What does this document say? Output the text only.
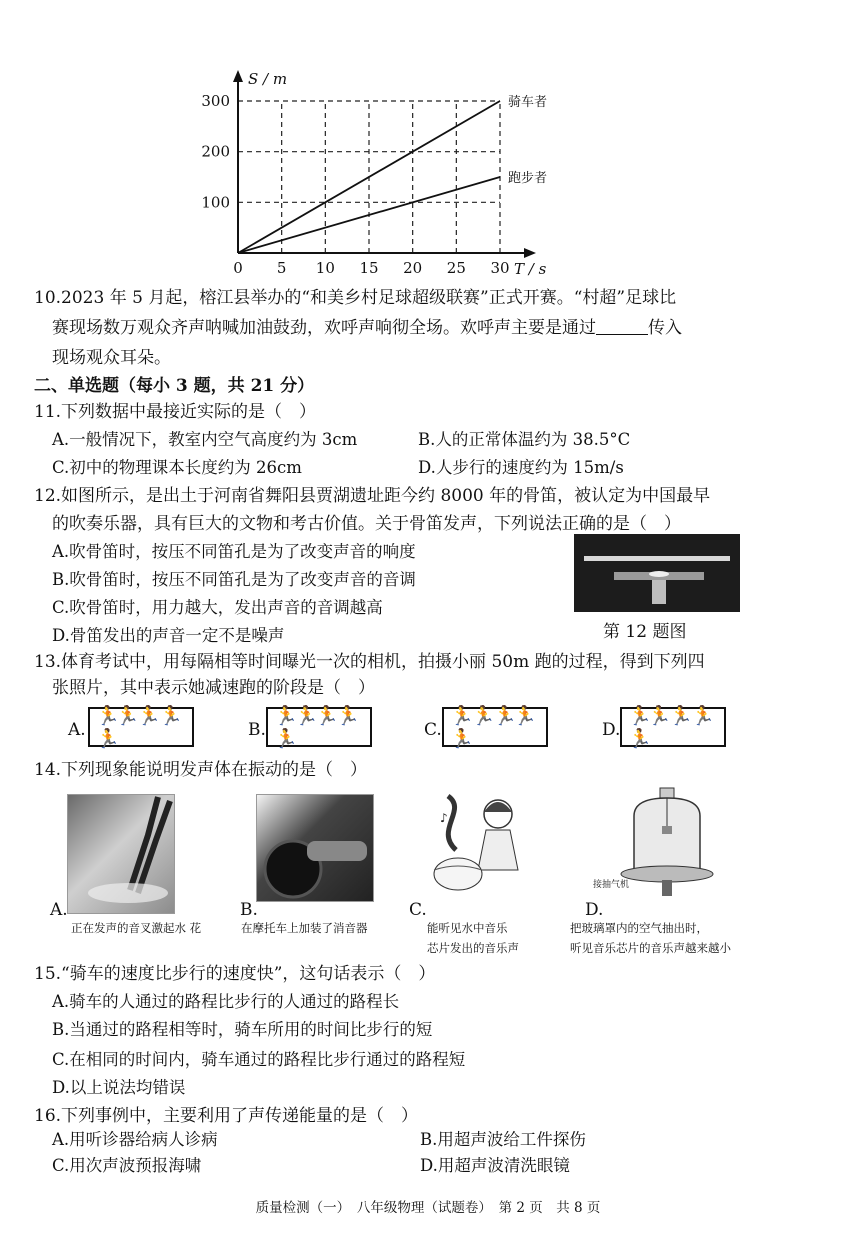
0 5 10 15 20 25 30
100
200
300
T / s
S / m
骑车者
跑步者
10.2023 年 5 月起，榕江县举办的“和美乡村足球超级联赛”正式开赛。“村超”足球比
赛现场数万观众齐声呐喊加油鼓劲，欢呼声响彻全场。欢呼声主要是通过	传入
现场观众耳朵。
二、单选题（每小 3 题，共 21 分）
11.下列数据中最接近实际的是（　）
A.一般情况下，教室内空气高度约为 3cm	B.人的正常体温约为 38.5°C
C.初中的物理课本长度约为 26cm	D.人步行的速度约为 15m/s
12.如图所示，是出土于河南省舞阳县贾湖遗址距今约 8000 年的骨笛，被认定为中国最早
的吹奏乐器，具有巨大的文物和考古价值。关于骨笛发声，下列说法正确的是（　）
A.吹骨笛时，按压不同笛孔是为了改变声音的响度
B.吹骨笛时，按压不同笛孔是为了改变声音的音调
C.吹骨笛时，用力越大，发出声音的音调越高
D.骨笛发出的声音一定不是噪声	第 12 题图
13.体育考试中，用每隔相等时间曝光一次的相机，拍摄小丽 50m 跑的过程，得到下列四
张照片，其中表示她减速跑的阶段是（　）
A.
🏃🏃 🏃 🏃 🏃	B.
🏃🏃🏃🏃🏃	C.
🏃 🏃 🏃🏃🏃	D.
🏃🏃 🏃 🏃🏃
14.下列现象能说明发声体在振动的是（　）
A.
正在发声的音叉激起水 花
B.
在摩托车上加装了消音器
♪
C.
能听见水中音乐
芯片发出的音乐声
接抽气机
D.
把玻璃罩内的空气抽出时，
听见音乐芯片的音乐声越来越小
15.“骑车的速度比步行的速度快”，这句话表示（　）
A.骑车的人通过的路程比步行的人通过的路程长
B.当通过的路程相等时，骑车所用的时间比步行的短
C.在相同的时间内，骑车通过的路程比步行通过的路程短
D.以上说法均错误
16.下列事例中，主要利用了声传递能量的是（　）
A.用听诊器给病人诊病	B.用超声波给工件探伤
C.用次声波预报海啸	D.用超声波清洗眼镜
质量检测（一）　八年级物理（试题卷）　第 2 页　共 8 页
